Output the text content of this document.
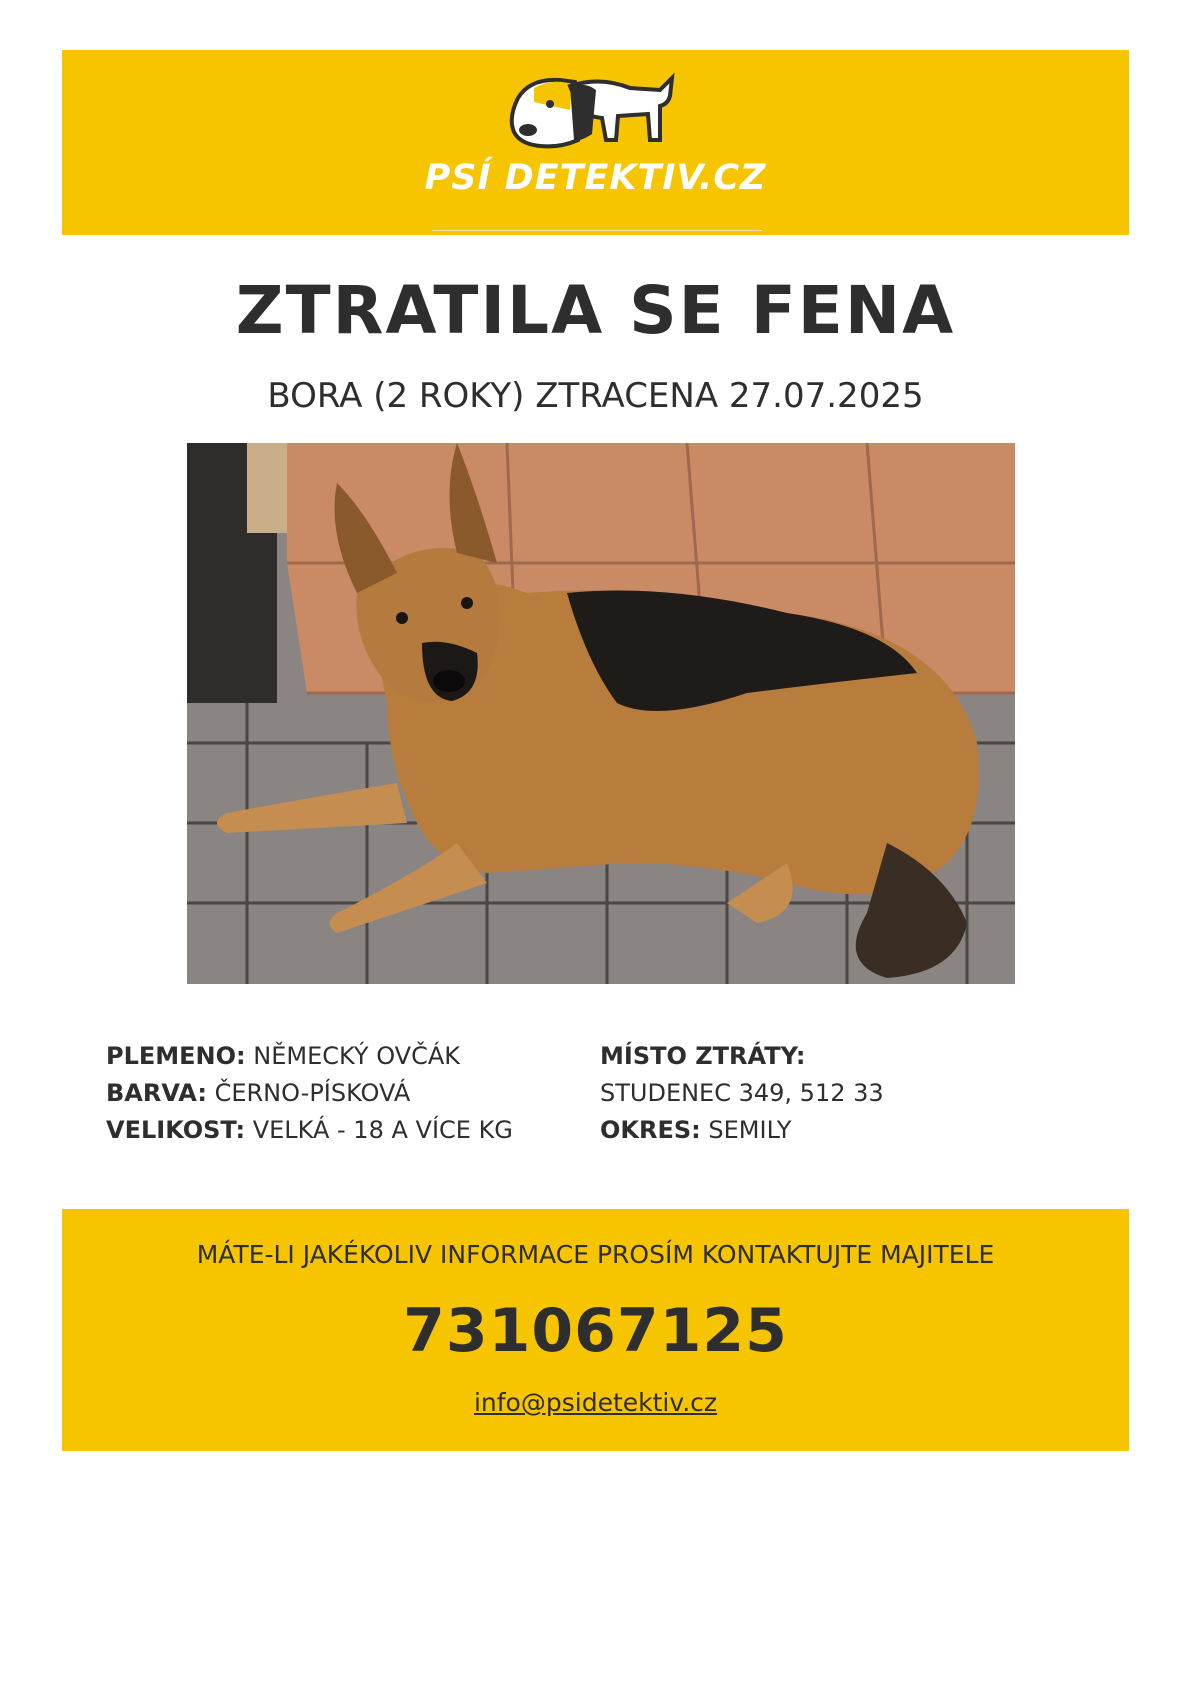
PSÍ DETEKTIV.CZ
ZTRATILA SE FENA
BORA (2 ROKY) ZTRACENA 27.07.2025
PLEMENO: NĚMECKÝ OVČÁK
BARVA: ČERNO-PÍSKOVÁ
VELIKOST: VELKÁ - 18 A VÍCE KG
MÍSTO ZTRÁTY:
STUDENEC 349, 512 33
OKRES: SEMILY
MÁTE-LI JAKÉKOLIV INFORMACE PROSÍM KONTAKTUJTE MAJITELE
731067125
info@psidetektiv.cz
